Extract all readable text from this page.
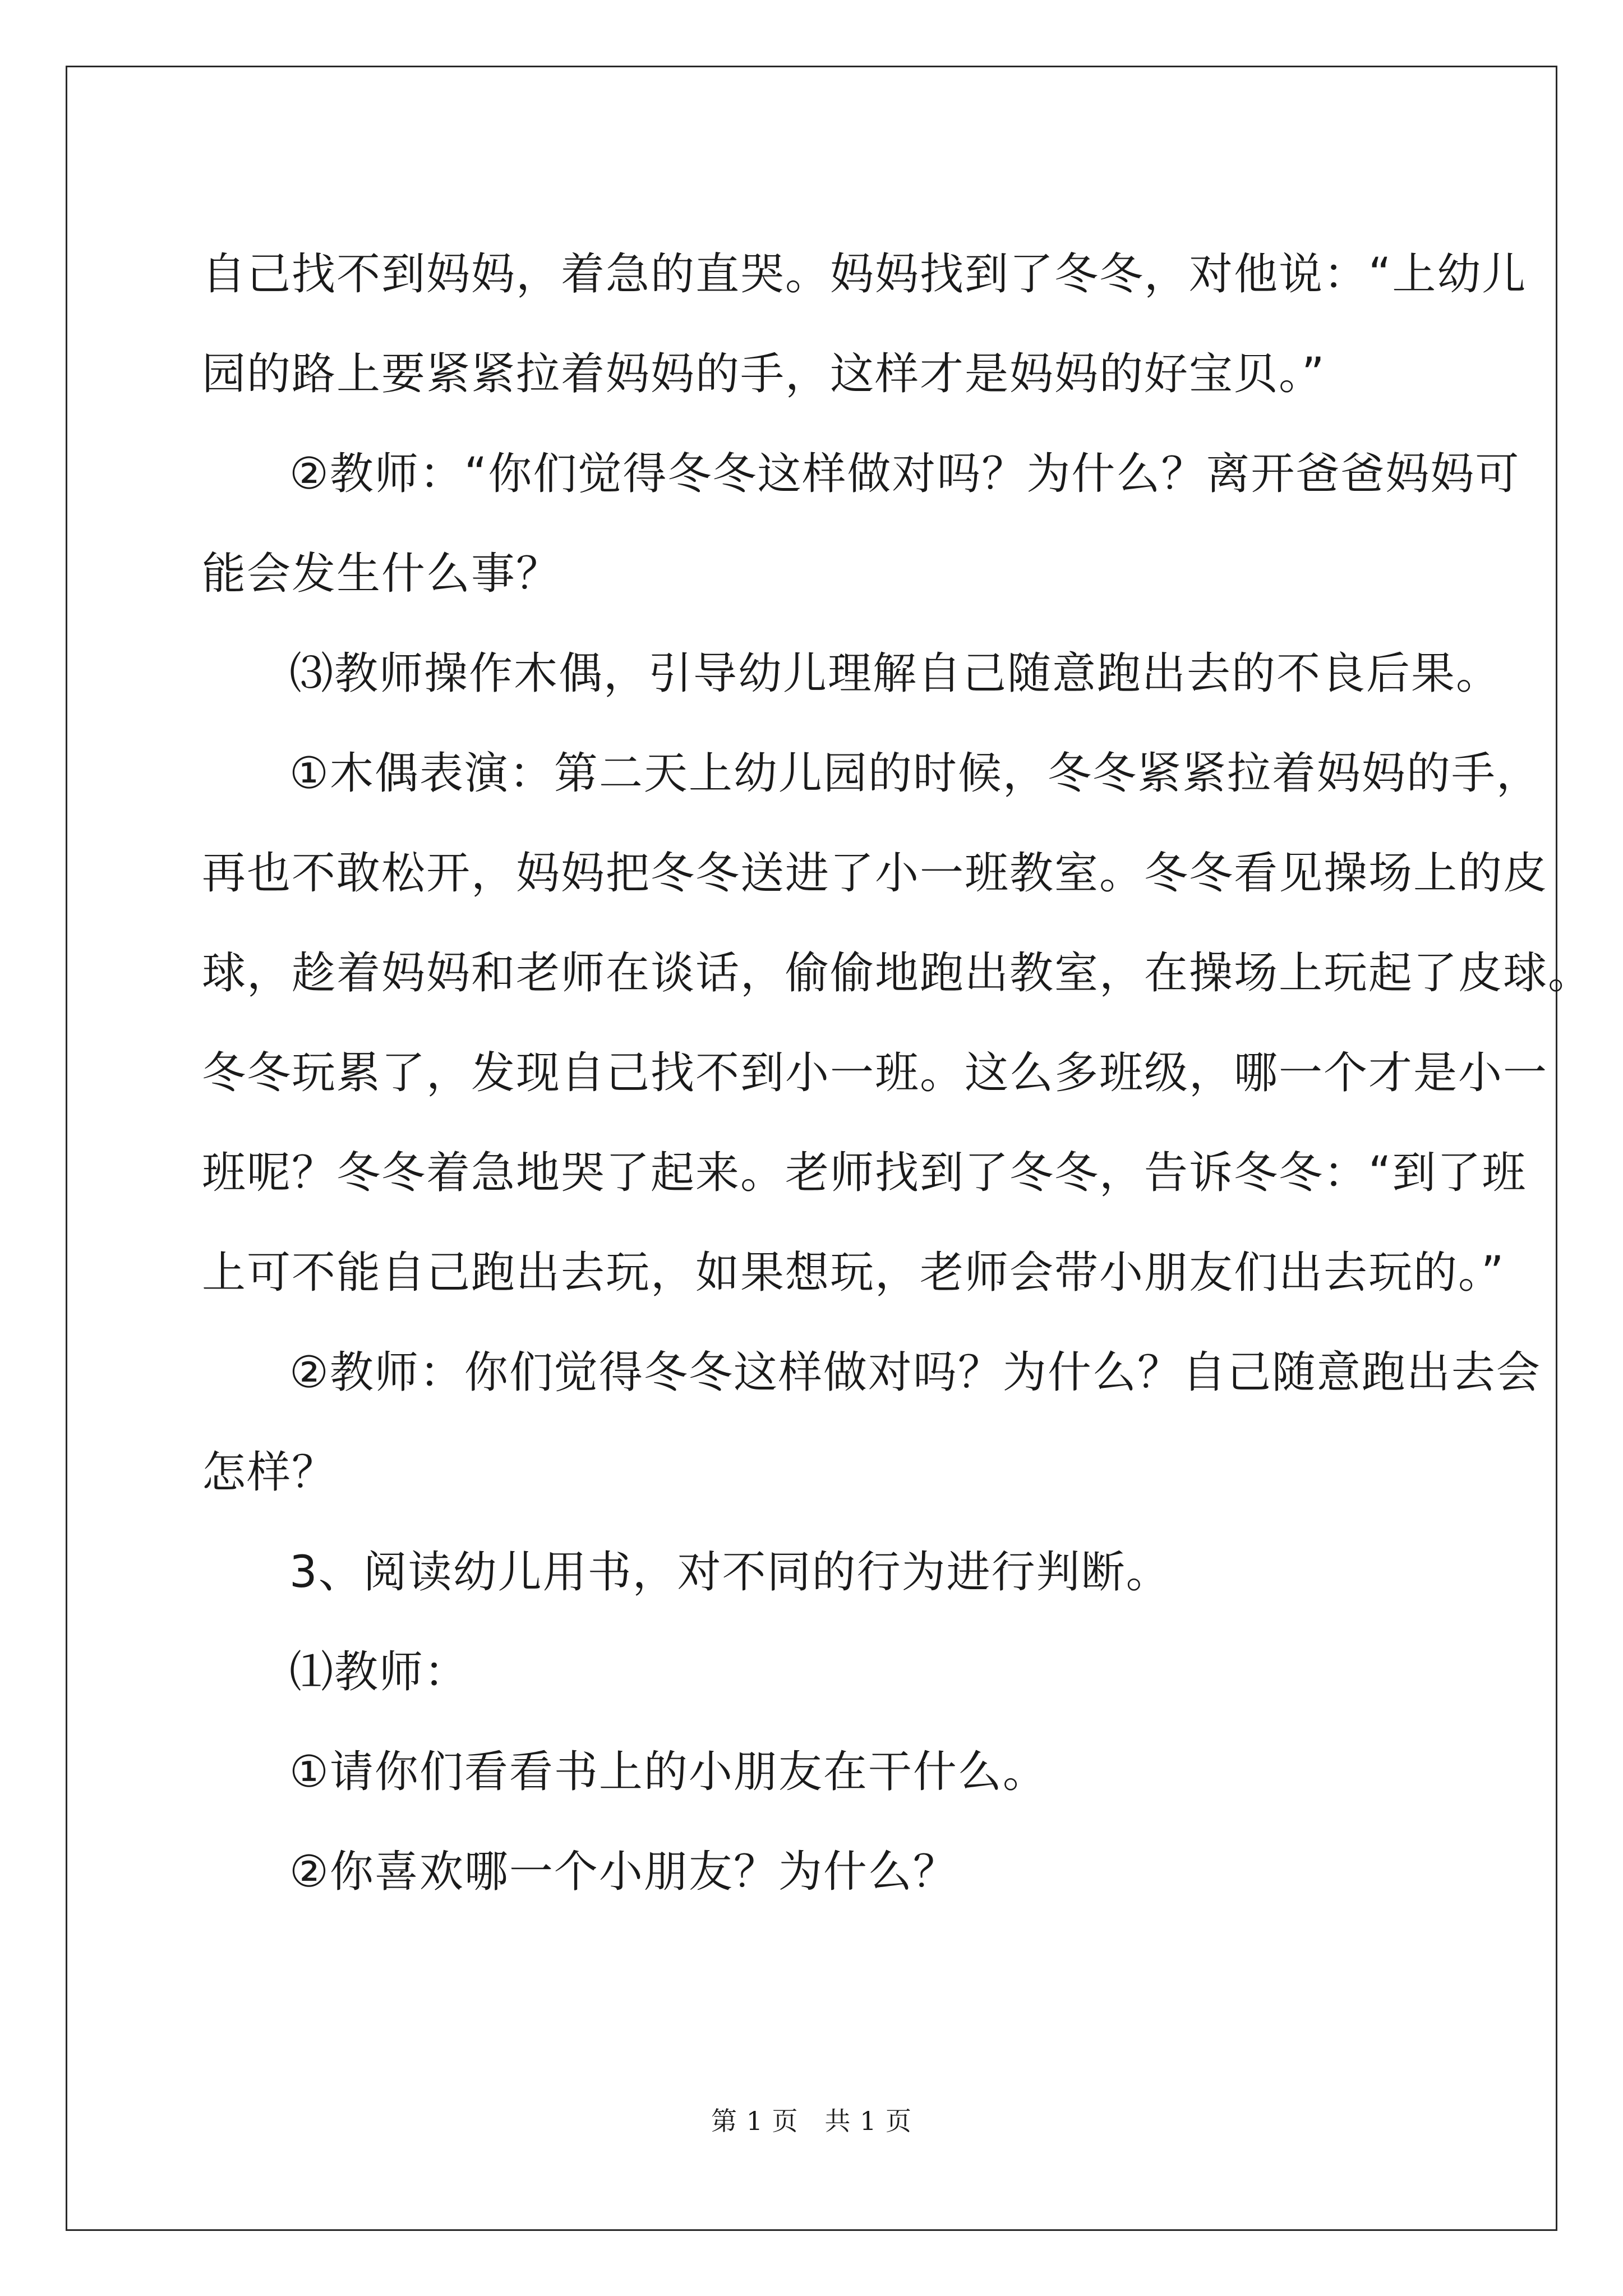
自己找不到妈妈，着急的直哭。妈妈找到了冬冬，对他说：“上幼儿

园的路上要紧紧拉着妈妈的手，这样才是妈妈的好宝贝。”

②教师：“你们觉得冬冬这样做对吗？为什么？离开爸爸妈妈可

能会发生什么事？

⑶教师操作木偶，引导幼儿理解自己随意跑出去的不良后果。

①木偶表演：第二天上幼儿园的时候，冬冬紧紧拉着妈妈的手，

再也不敢松开，妈妈把冬冬送进了小一班教室。冬冬看见操场上的皮

球，趁着妈妈和老师在谈话，偷偷地跑出教室，在操场上玩起了皮球。

冬冬玩累了，发现自己找不到小一班。这么多班级，哪一个才是小一

班呢？冬冬着急地哭了起来。老师找到了冬冬，告诉冬冬：“到了班

上可不能自己跑出去玩，如果想玩，老师会带小朋友们出去玩的。”

②教师：你们觉得冬冬这样做对吗？为什么？自己随意跑出去会

怎样？

3、阅读幼儿用书，对不同的行为进行判断。

⑴教师：

①请你们看看书上的小朋友在干什么。

②你喜欢哪一个小朋友？为什么？

第 1 页　共 1 页
